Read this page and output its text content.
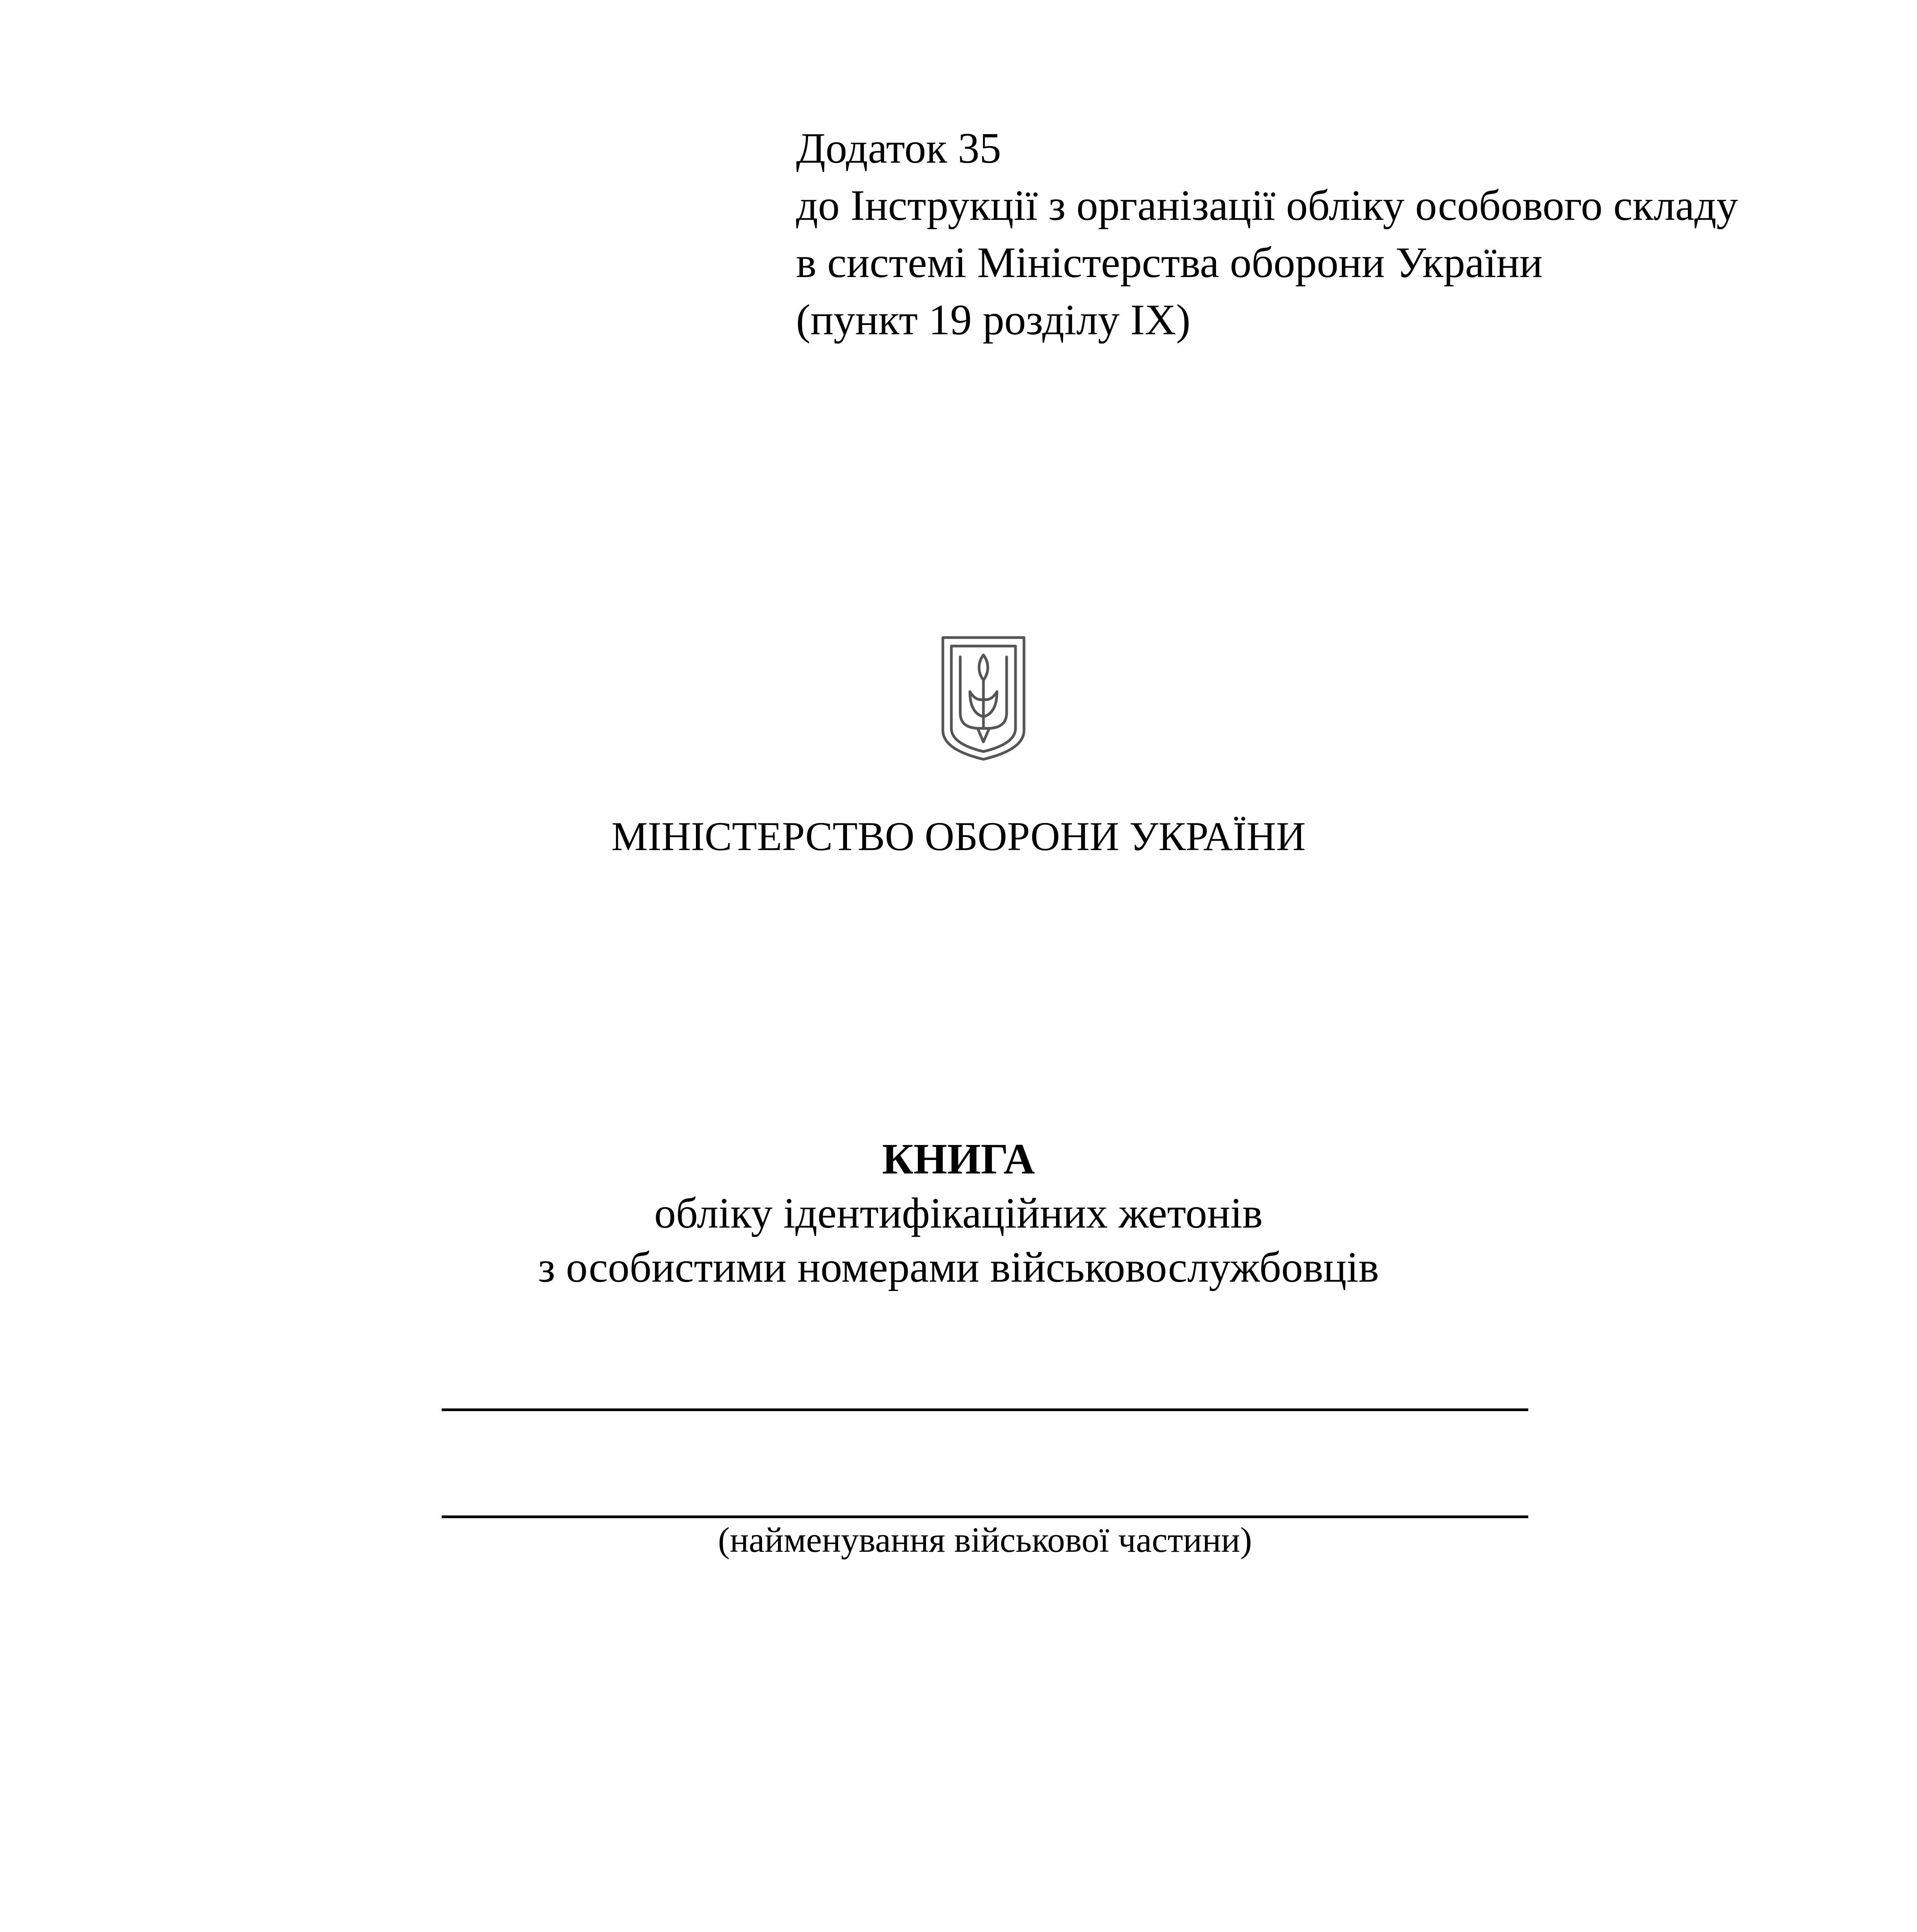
Додаток 35
до Інструкції з організації обліку особового складу
в системі Міністерства оборони України
(пункт 19 розділу ІХ)
МІНІСТЕРСТВО ОБОРОНИ УКРАЇНИ
КНИГА
обліку ідентифікаційних жетонів
з особистими номерами військовослужбовців
(найменування військової частини)
